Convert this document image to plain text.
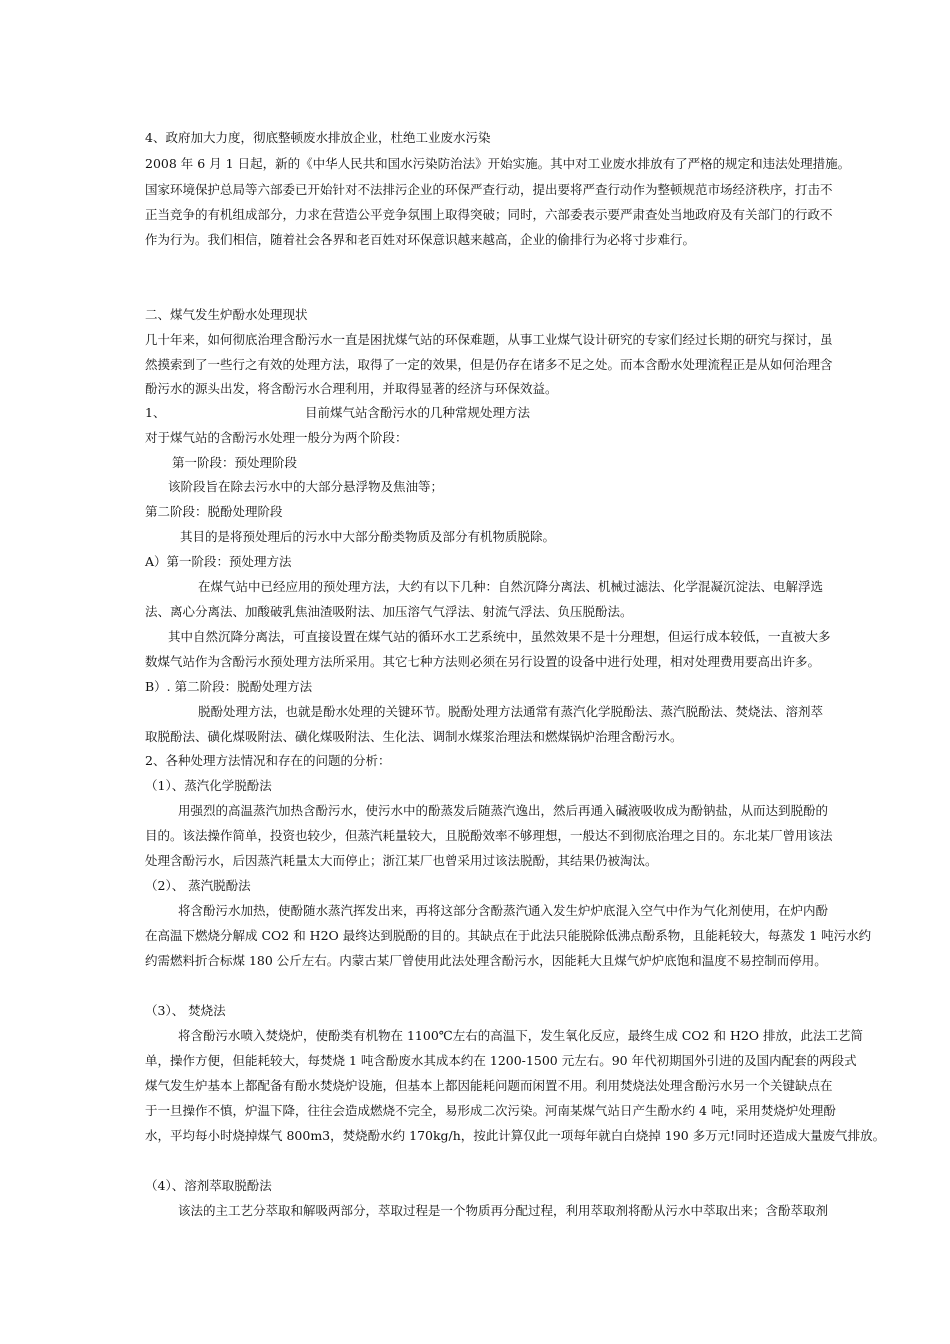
4、政府加大力度，彻底整顿废水排放企业，杜绝工业废水污染
2008 年 6 月 1 日起，新的《中华人民共和国水污染防治法》开始实施。其中对工业废水排放有了严格的规定和违法处理措施。
国家环境保护总局等六部委已开始针对不法排污企业的环保严查行动，提出要将严查行动作为整顿规范市场经济秩序，打击不
正当竞争的有机组成部分，力求在营造公平竞争氛围上取得突破；同时，六部委表示要严肃查处当地政府及有关部门的行政不
作为行为。我们相信，随着社会各界和老百姓对环保意识越来越高，企业的偷排行为必将寸步难行。
二、煤气发生炉酚水处理现状
几十年来，如何彻底治理含酚污水一直是困扰煤气站的环保难题，从事工业煤气设计研究的专家们经过长期的研究与探讨，虽
然摸索到了一些行之有效的处理方法，取得了一定的效果，但是仍存在诸多不足之处。而本含酚水处理流程正是从如何治理含
酚污水的源头出发，将含酚污水合理利用，并取得显著的经济与环保效益。
1、	目前煤气站含酚污水的几种常规处理方法
对于煤气站的含酚污水处理一般分为两个阶段：
第一阶段：预处理阶段
该阶段旨在除去污水中的大部分悬浮物及焦油等；
第二阶段：脱酚处理阶段
其目的是将预处理后的污水中大部分酚类物质及部分有机物质脱除。
A）第一阶段：预处理方法
在煤气站中已经应用的预处理方法，大约有以下几种：自然沉降分离法、机械过滤法、化学混凝沉淀法、电解浮选
法、离心分离法、加酸破乳焦油渣吸附法、加压溶气气浮法、射流气浮法、负压脱酚法。
其中自然沉降分离法，可直接设置在煤气站的循环水工艺系统中，虽然效果不是十分理想，但运行成本较低，一直被大多
数煤气站作为含酚污水预处理方法所采用。其它七种方法则必须在另行设置的设备中进行处理，相对处理费用要高出许多。
B）. 第二阶段：脱酚处理方法
脱酚处理方法，也就是酚水处理的关键环节。脱酚处理方法通常有蒸汽化学脱酚法、蒸汽脱酚法、焚烧法、溶剂萃
取脱酚法、磺化煤吸附法、磺化煤吸附法、生化法、调制水煤浆治理法和燃煤锅炉治理含酚污水。
2、各种处理方法情况和存在的问题的分析：
（1）、蒸汽化学脱酚法
用强烈的高温蒸汽加热含酚污水，使污水中的酚蒸发后随蒸汽逸出，然后再通入碱液吸收成为酚钠盐，从而达到脱酚的
目的。该法操作简单，投资也较少，但蒸汽耗量较大，且脱酚效率不够理想，一般达不到彻底治理之目的。东北某厂曾用该法
处理含酚污水，后因蒸汽耗量太大而停止；浙江某厂也曾采用过该法脱酚，其结果仍被淘汰。
（2）、 蒸汽脱酚法
将含酚污水加热，使酚随水蒸汽挥发出来，再将这部分含酚蒸汽通入发生炉炉底混入空气中作为气化剂使用，在炉内酚
在高温下燃烧分解成 CO2 和 H2O 最终达到脱酚的目的。其缺点在于此法只能脱除低沸点酚系物，且能耗较大，每蒸发 1 吨污水约
约需燃料折合标煤 180 公斤左右。内蒙古某厂曾使用此法处理含酚污水，因能耗大且煤气炉炉底饱和温度不易控制而停用。
（3）、 焚烧法
将含酚污水喷入焚烧炉，使酚类有机物在 1100℃左右的高温下，发生氧化反应，最终生成 CO2 和 H2O 排放，此法工艺简
单，操作方便，但能耗较大，每焚烧 1 吨含酚废水其成本约在 1200-1500 元左右。90 年代初期国外引进的及国内配套的两段式
煤气发生炉基本上都配备有酚水焚烧炉设施，但基本上都因能耗问题而闲置不用。利用焚烧法处理含酚污水另一个关键缺点在
于一旦操作不慎，炉温下降，往往会造成燃烧不完全，易形成二次污染。河南某煤气站日产生酚水约 4 吨，采用焚烧炉处理酚
水，平均每小时烧掉煤气 800m3，焚烧酚水约 170kg/h，按此计算仅此一项每年就白白烧掉 190 多万元!同时还造成大量废气排放。
（4）、溶剂萃取脱酚法
该法的主工艺分萃取和解吸两部分，萃取过程是一个物质再分配过程，利用萃取剂将酚从污水中萃取出来；含酚萃取剂
